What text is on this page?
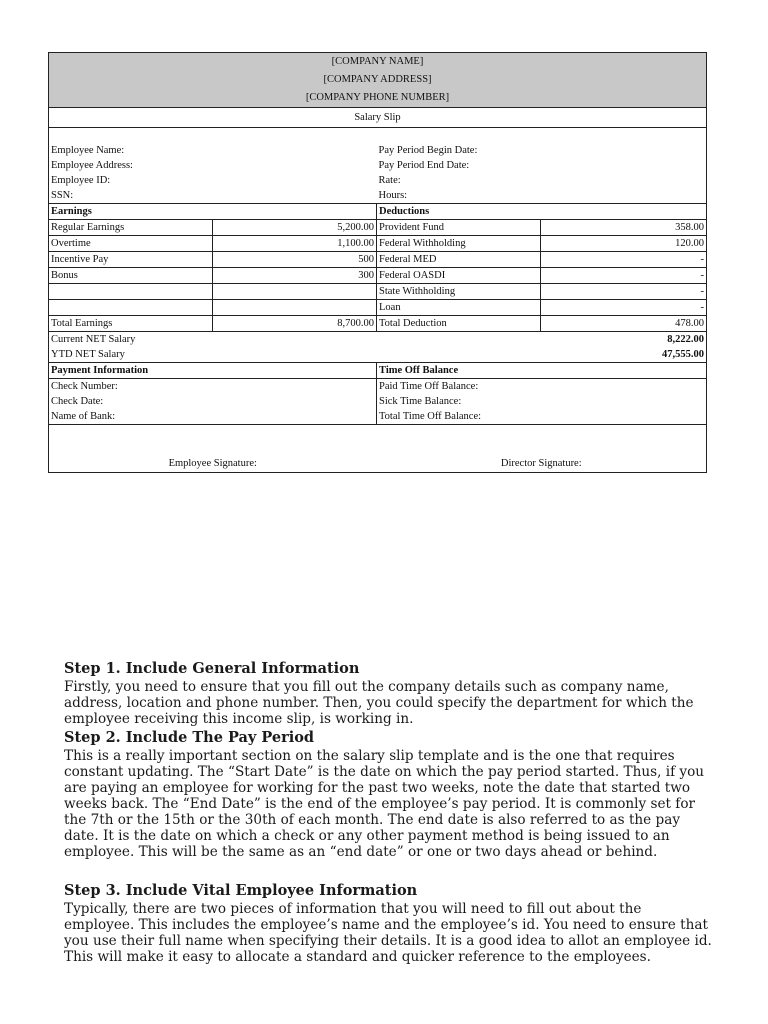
[COMPANY NAME]			
[COMPANY ADDRESS]			
[COMPANY PHONE NUMBER]			
Salary Slip			

Employee Name:		Pay Period Begin Date:	
Employee Address:		Pay Period End Date:	
Employee ID:		Rate:	
SSN:		Hours:	
Earnings		Deductions	
Regular Earnings	5,200.00	Provident Fund	358.00
Overtime	1,100.00	Federal Withholding	120.00
Incentive Pay	500	Federal MED	-
Bonus	300	Federal OASDI	-
		State Withholding	-
		Loan	-
Total Earnings	8,700.00	Total Deduction	478.00
Current NET Salary		8,222.00	
YTD NET Salary		47,555.00	
Payment Information		Time Off Balance	
Check Number:		Paid Time Off Balance:	
Check Date:		Sick Time Balance:	
Name of Bank:		Total Time Off Balance:	
Employee Signature:		Director Signature:	
Step 1. Include General Information

Firstly, you need to ensure that you fill out the company details such as company name, address, location and phone number. Then, you could specify the department for which the employee receiving this income slip, is working in.

Step 2. Include The Pay Period

This is a really important section on the salary slip template and is the one that requires constant updating. The “Start Date” is the date on which the pay period started. Thus, if you are paying an employee for working for the past two weeks, note the date that started two weeks back. The “End Date” is the end of the employee’s pay period. It is commonly set for the 7th or the 15th or the 30th of each month. The end date is also referred to as the pay date. It is the date on which a check or any other payment method is being issued to an employee. This will be the same as an “end date” or one or two days ahead or behind.

Step 3. Include Vital Employee Information

Typically, there are two pieces of information that you will need to fill out about the employee. This includes the employee’s name and the employee’s id. You need to ensure that you use their full name when specifying their details. It is a good idea to allot an employee id. This will make it easy to allocate a standard and quicker reference to the employees.
